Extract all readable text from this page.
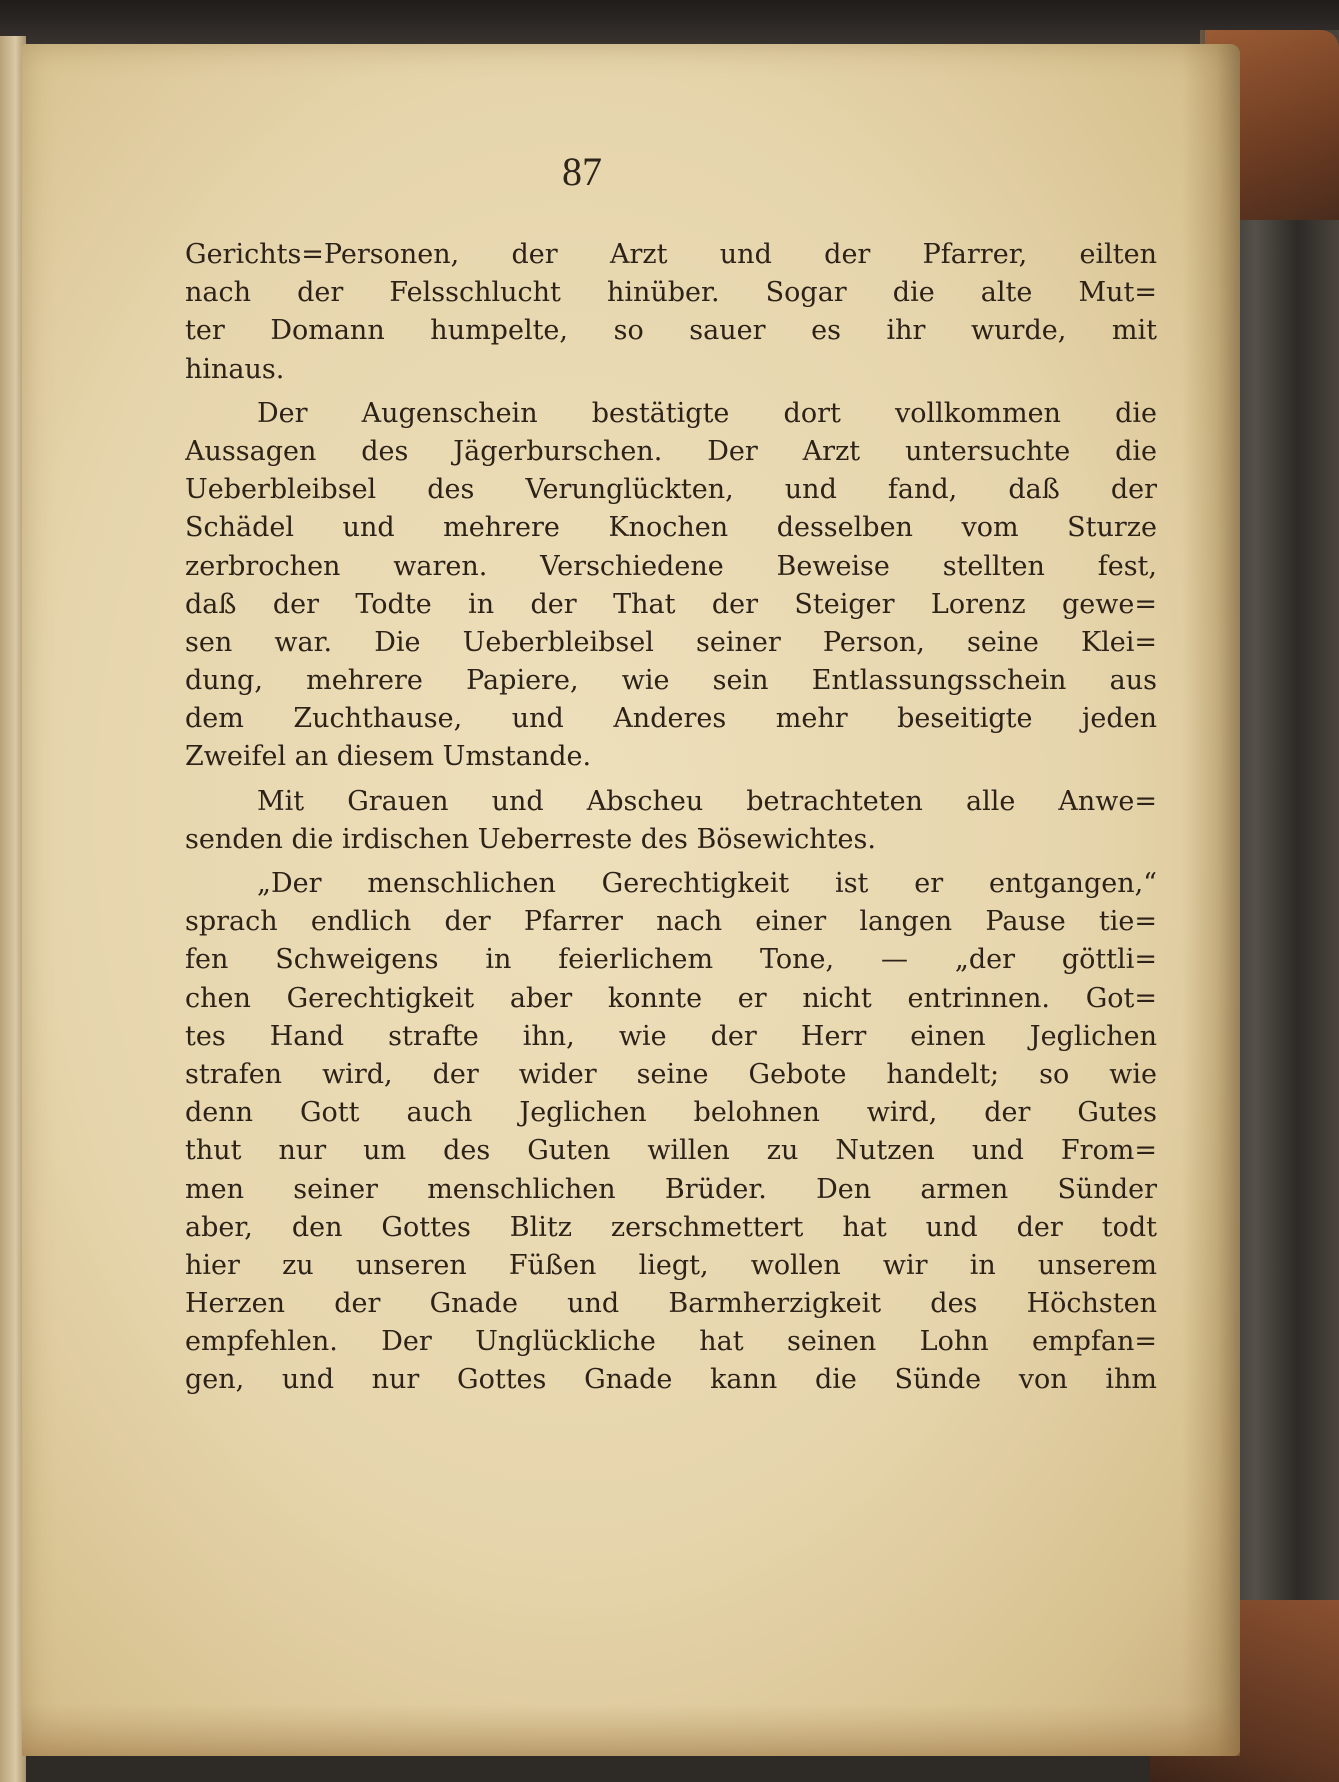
87
Gerichts=Personen, der Arzt und der Pfarrer, eilten
nach der Felsschlucht hinüber. Sogar die alte Mut=
ter Domann humpelte, so sauer es ihr wurde, mit
hinaus.
Der Augenschein bestätigte dort vollkommen die
Aussagen des Jägerburschen. Der Arzt untersuchte die
Ueberbleibsel des Verunglückten, und fand, daß der
Schädel und mehrere Knochen desselben vom Sturze
zerbrochen waren. Verschiedene Beweise stellten fest,
daß der Todte in der That der Steiger Lorenz gewe=
sen war. Die Ueberbleibsel seiner Person, seine Klei=
dung, mehrere Papiere, wie sein Entlassungsschein aus
dem Zuchthause, und Anderes mehr beseitigte jeden
Zweifel an diesem Umstande.
Mit Grauen und Abscheu betrachteten alle Anwe=
senden die irdischen Ueberreste des Bösewichtes.
„Der menschlichen Gerechtigkeit ist er entgangen,“
sprach endlich der Pfarrer nach einer langen Pause tie=
fen Schweigens in feierlichem Tone, — „der göttli=
chen Gerechtigkeit aber konnte er nicht entrinnen. Got=
tes Hand strafte ihn, wie der Herr einen Jeglichen
strafen wird, der wider seine Gebote handelt; so wie
denn Gott auch Jeglichen belohnen wird, der Gutes
thut nur um des Guten willen zu Nutzen und From=
men seiner menschlichen Brüder. Den armen Sünder
aber, den Gottes Blitz zerschmettert hat und der todt
hier zu unseren Füßen liegt, wollen wir in unserem
Herzen der Gnade und Barmherzigkeit des Höchsten
empfehlen. Der Unglückliche hat seinen Lohn empfan=
gen, und nur Gottes Gnade kann die Sünde von ihm
